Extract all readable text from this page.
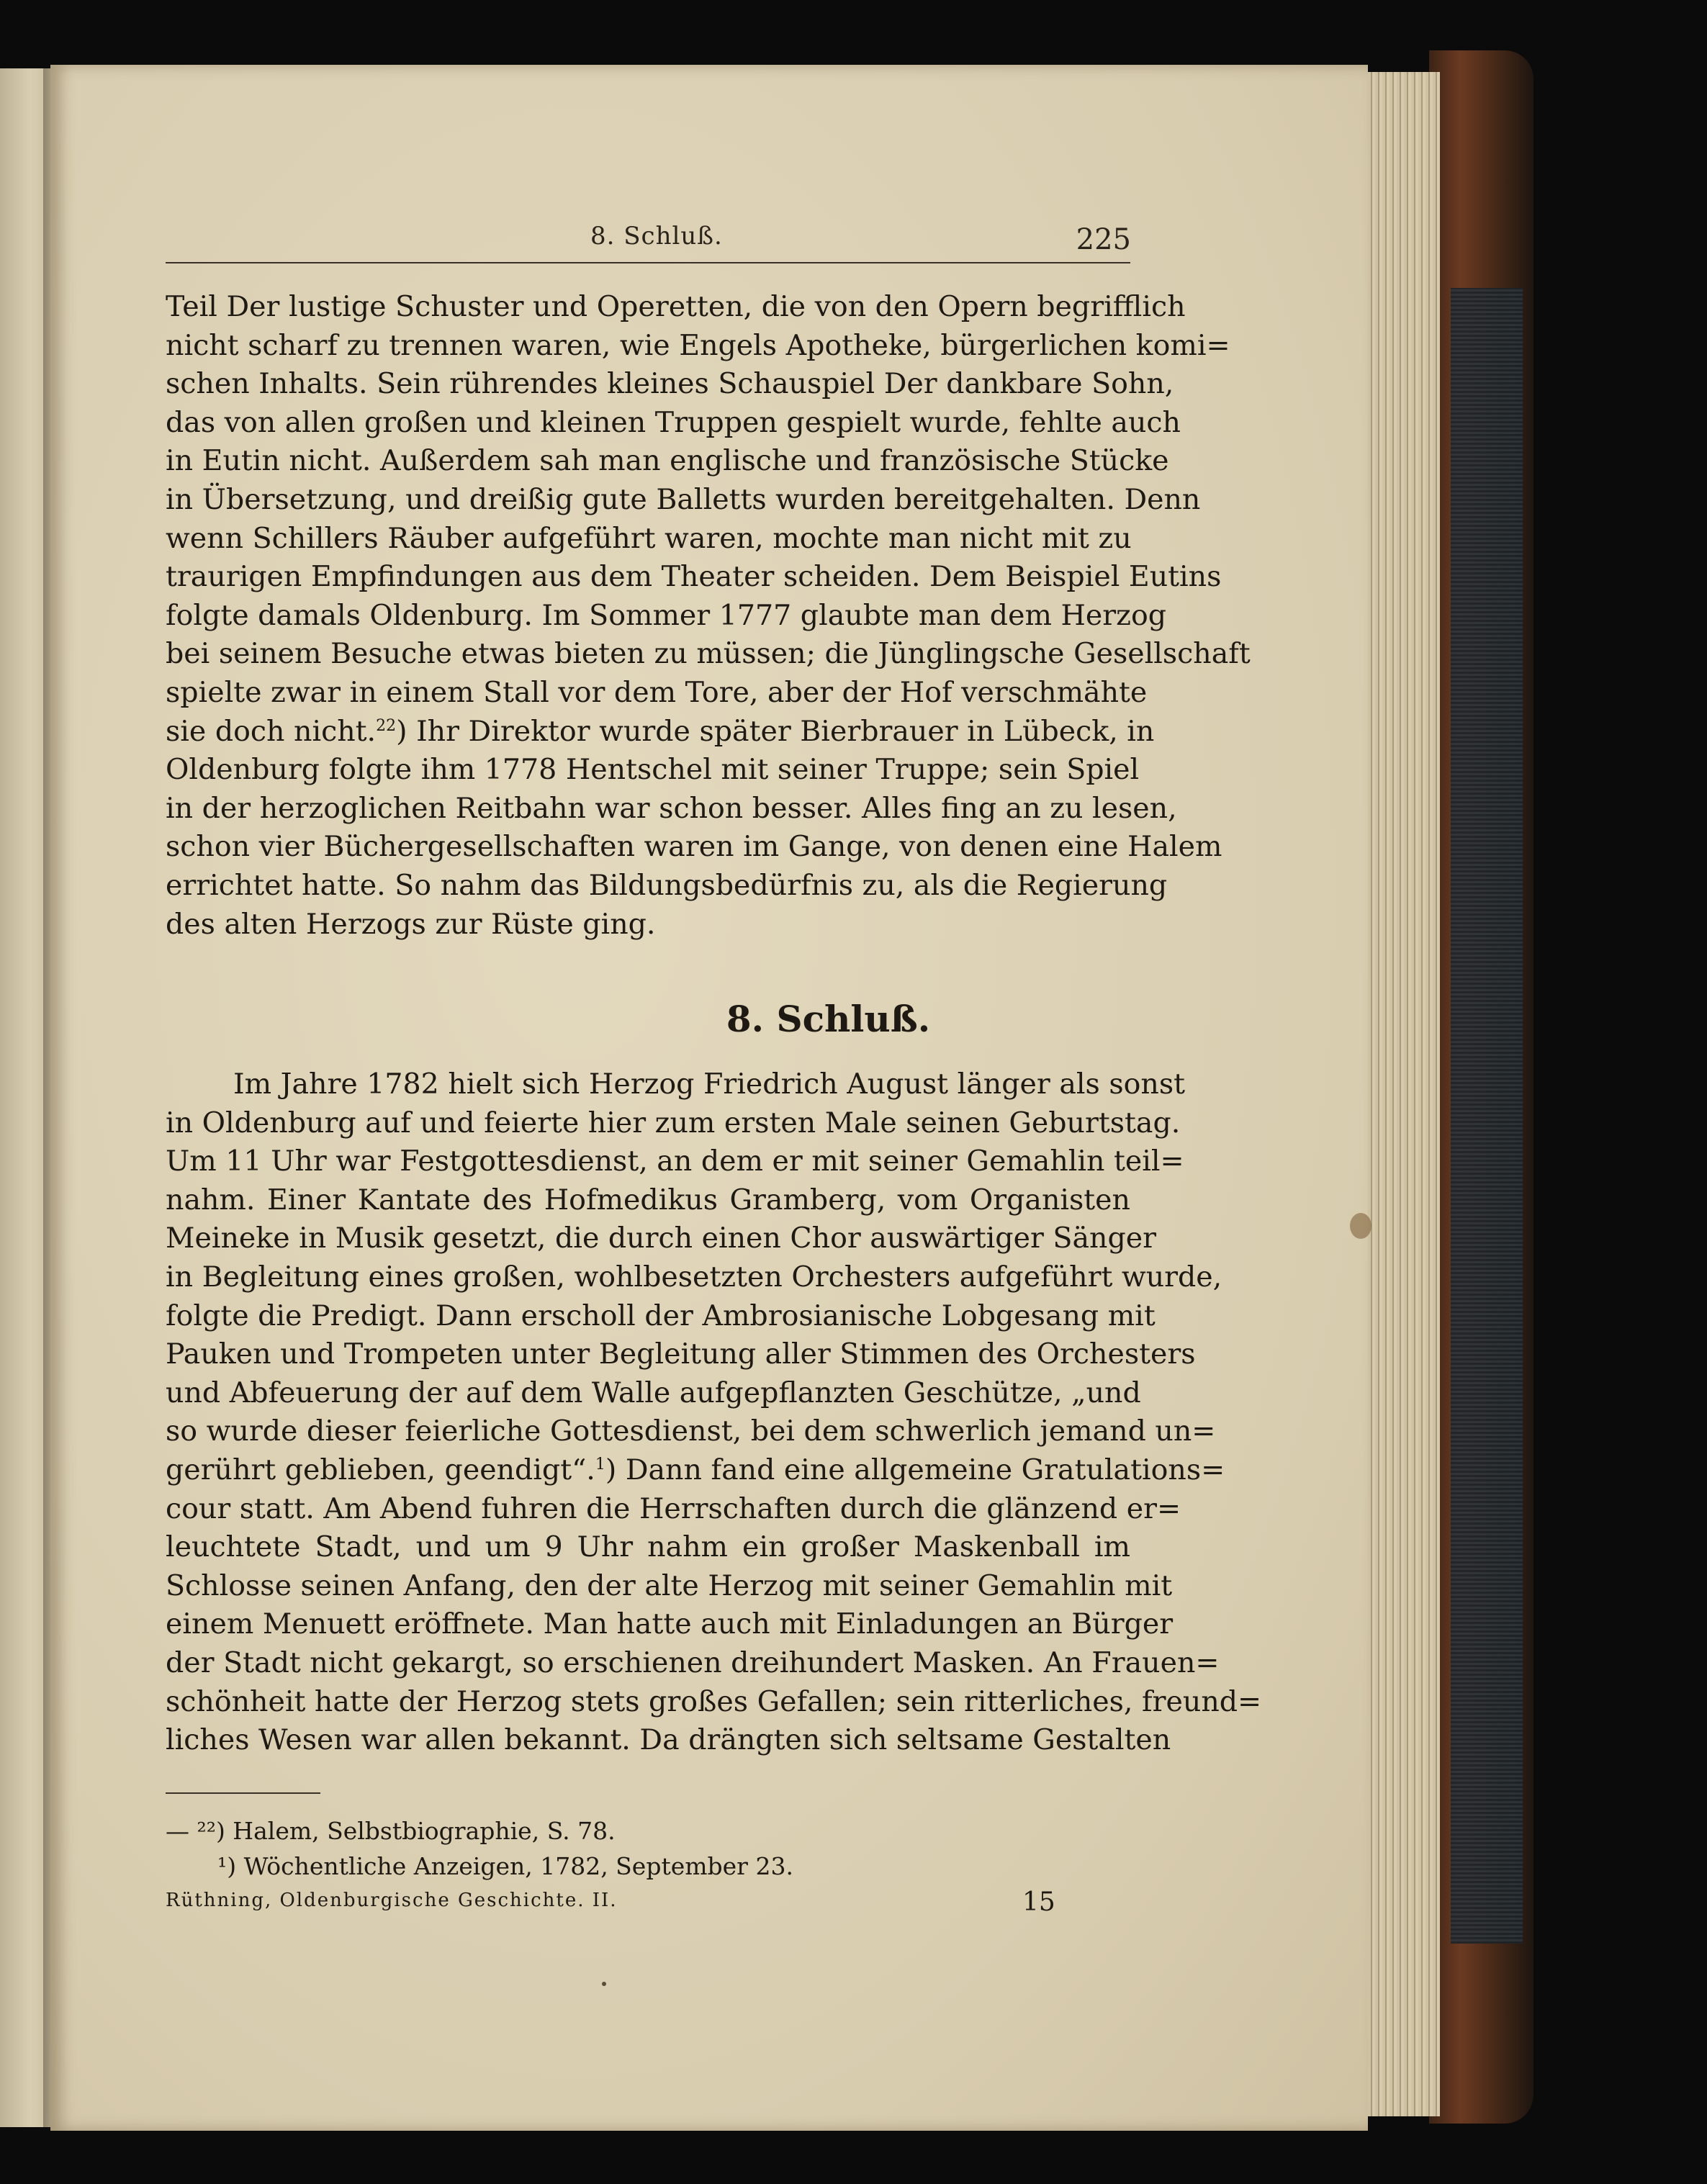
8. Schluß.	225

Teil Der lustige Schuster und Operetten, die von den Opern begrifflich
nicht scharf zu trennen waren, wie Engels Apotheke, bürgerlichen komi=
schen Inhalts. Sein rührendes kleines Schauspiel Der dankbare Sohn,
das von allen großen und kleinen Truppen gespielt wurde, fehlte auch
in Eutin nicht. Außerdem sah man englische und französische Stücke
in Übersetzung, und dreißig gute Balletts wurden bereitgehalten. Denn
wenn Schillers Räuber aufgeführt waren, mochte man nicht mit zu
traurigen Empfindungen aus dem Theater scheiden. Dem Beispiel Eutins
folgte damals Oldenburg. Im Sommer 1777 glaubte man dem Herzog
bei seinem Besuche etwas bieten zu müssen; die Jünglingsche Gesellschaft
spielte zwar in einem Stall vor dem Tore, aber der Hof verschmähte
sie doch nicht.$^{22}$) Ihr Direktor wurde später Bierbrauer in Lübeck, in
Oldenburg folgte ihm 1778 Hentschel mit seiner Truppe; sein Spiel
in der herzoglichen Reitbahn war schon besser. Alles fing an zu lesen,
schon vier Büchergesellschaften waren im Gange, von denen eine Halem
errichtet hatte. So nahm das Bildungsbedürfnis zu, als die Regierung
des alten Herzogs zur Rüste ging.

8. Schluß.

Im Jahre 1782 hielt sich Herzog Friedrich August länger als sonst
in Oldenburg auf und feierte hier zum ersten Male seinen Geburtstag.
Um 11 Uhr war Festgottesdienst, an dem er mit seiner Gemahlin teil=
nahm. Einer Kantate des Hofmedikus Gramberg, vom Organisten
Meineke in Musik gesetzt, die durch einen Chor auswärtiger Sänger
in Begleitung eines großen, wohlbesetzten Orchesters aufgeführt wurde,
folgte die Predigt. Dann erscholl der Ambrosianische Lobgesang mit
Pauken und Trompeten unter Begleitung aller Stimmen des Orchesters
und Abfeuerung der auf dem Walle aufgepflanzten Geschütze, „und
so wurde dieser feierliche Gottesdienst, bei dem schwerlich jemand un=
gerührt geblieben, geendigt“.$^1$) Dann fand eine allgemeine Gratulations=
cour statt. Am Abend fuhren die Herrschaften durch die glänzend er=
leuchtete Stadt, und um 9 Uhr nahm ein großer Maskenball im
Schlosse seinen Anfang, den der alte Herzog mit seiner Gemahlin mit
einem Menuett eröffnete. Man hatte auch mit Einladungen an Bürger
der Stadt nicht gekargt, so erschienen dreihundert Masken. An Frauen=
schönheit hatte der Herzog stets großes Gefallen; sein ritterliches, freund=
liches Wesen war allen bekannt. Da drängten sich seltsame Gestalten

— ²²) Halem, Selbstbiographie, S. 78.
¹) Wöchentliche Anzeigen, 1782, September 23.
Rüthning, Oldenburgische Geschichte. II.	15
